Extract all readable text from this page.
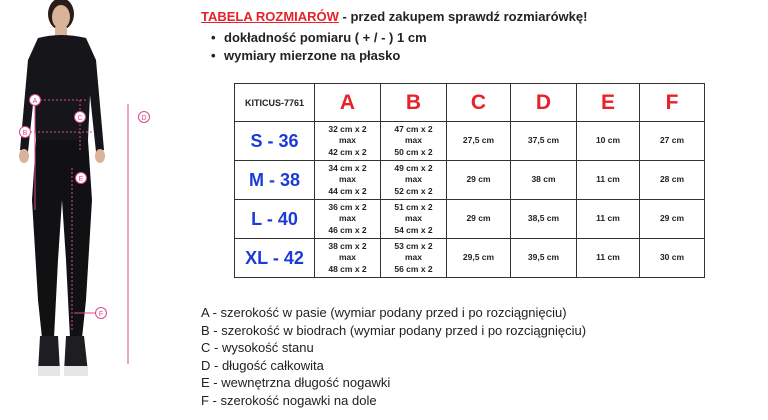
A
B
C	D
E
F
TABELA ROZMIARÓW - przed zakupem sprawdź rozmiarówkę!
• dokładność pomiaru ( + / - ) 1 cm
• wymiary mierzone na płasko
KITICUS-7761	A	B	C	D	E	F
S - 36	32 cm x 2
max
42 cm x 2	47 cm x 2
max
50 cm x 2	27,5 cm	37,5 cm	10 cm	27 cm
M - 38	34 cm x 2
max
44 cm x 2	49 cm x 2
max
52 cm x 2	29 cm	38 cm	11 cm	28 cm
L - 40	36 cm x 2
max
46 cm x 2	51 cm x 2
max
54 cm x 2	29 cm	38,5 cm	11 cm	29 cm
XL - 42	38 cm x 2
max
48 cm x 2	53 cm x 2
max
56 cm x 2	29,5 cm	39,5 cm	11 cm	30 cm
A - szerokość w pasie (wymiar podany przed i po rozciągnięciu)
B - szerokość w biodrach (wymiar podany przed i po rozciągnięciu)
C - wysokość stanu
D - długość całkowita
E - wewnętrzna długość nogawki
F - szerokość nogawki na dole
